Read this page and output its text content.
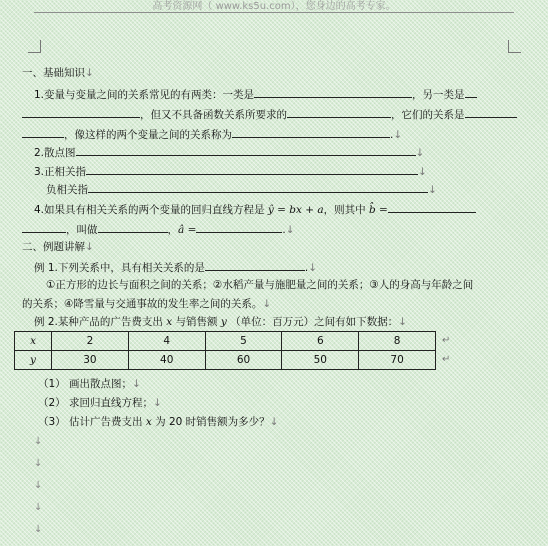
高考资源网（ www.ks5u.com），您身边的高考专家。
一、基础知识↓
1.变量与变量之间的关系常见的有两类：一类是	，另一类是
，但又不具备函数关系所要求的	，它们的关系是
，像这样的两个变量之间的关系称为	.↓
2.散点图	↓
3.正相关指	↓
负相关指	↓
4.如果具有相关关系的两个变量的回归直线方程是 ŷ = bx + a，则其中 b̂ =
，叫做	，â =	.↓
二、例题讲解↓
例 1.下列关系中，具有相关关系的是	.↓
①正方形的边长与面积之间的关系；②水稻产量与施肥量之间的关系；③人的身高与年龄之间
的关系；④降雪量与交通事故的发生率之间的关系。↓
例 2.某种产品的广告费支出 x 与销售额 y （单位：百万元）之间有如下数据：↓
x	2	4	5	6	8
y	30	40	60	50	70
↵
↵
（1） 画出散点图；↓
（2） 求回归直线方程；↓
（3） 估计广告费支出 x 为 20 时销售额为多少？↓
↓
↓
↓
↓
↓
